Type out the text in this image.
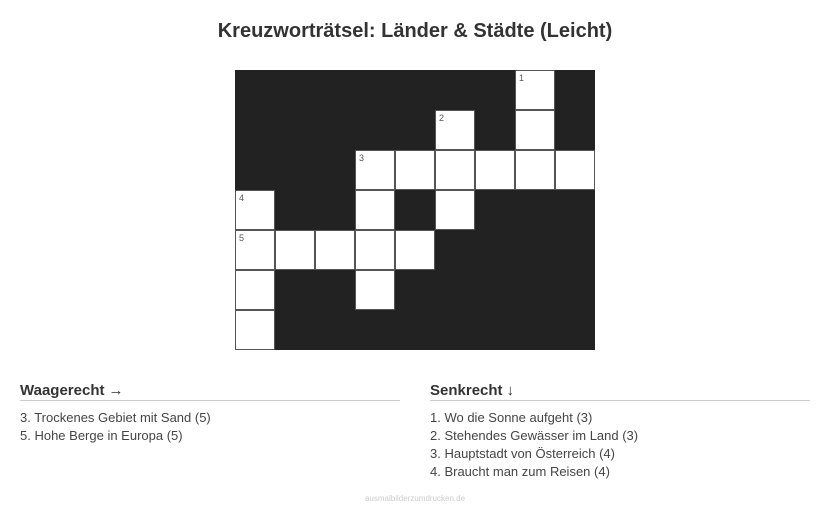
Kreuzworträtsel: Länder & Städte (Leicht)
1
2
3
4
5
Waagerecht →
3. Trockenes Gebiet mit Sand (5)
5. Hohe Berge in Europa (5)
Senkrecht ↓
1. Wo die Sonne aufgeht (3)
2. Stehendes Gewässer im Land (3)
3. Hauptstadt von Österreich (4)
4. Braucht man zum Reisen (4)
ausmalbilderzumdrucken.de
